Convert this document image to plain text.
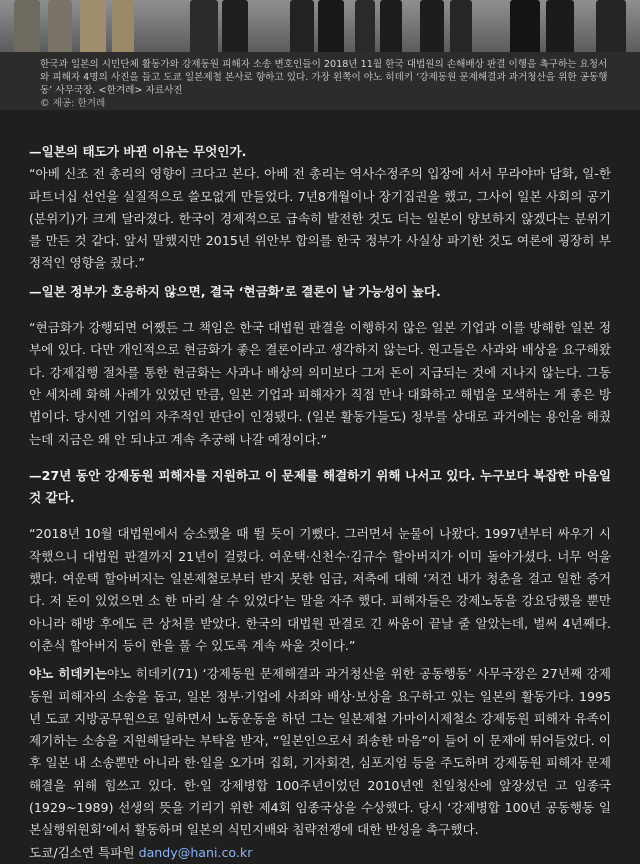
한국과 일본의 시민단체 활동가와 강제동원 피해자 소송 변호인들이 2018년 11월 한국 대법원의 손해배상 판결 이행을 촉구하는 요청서와 피해자 4명의 사진을 들고 도쿄 일본제철 본사로 향하고 있다. 가장 왼쪽이 야노 히데키 ‘강제동원 문제해결과 과거청산을 위한 공동행동’ 사무국장. <한겨레> 자료사진
© 제공: 한겨레

—일본의 태도가 바뀐 이유는 무엇인가.

“아베 신조 전 총리의 영향이 크다고 본다. 아베 전 총리는 역사수정주의 입장에 서서 무라야마 담화, 일-한 파트너십 선언을 실질적으로 쓸모없게 만들었다. 7년8개월이나 장기집권을 했고, 그사이 일본 사회의 공기(분위기)가 크게 달라졌다. 한국이 경제적으로 급속히 발전한 것도 더는 일본이 양보하지 않겠다는 분위기를 만든 것 같다. 앞서 말했지만 2015년 위안부 합의를 한국 정부가 사실상 파기한 것도 여론에 굉장히 부정적인 영향을 줬다.”

—일본 정부가 호응하지 않으면, 결국 ‘현금화’로 결론이 날 가능성이 높다.

“현금화가 강행되면 어쨌든 그 책임은 한국 대법원 판결을 이행하지 않은 일본 기업과 이를 방해한 일본 정부에 있다. 다만 개인적으로 현금화가 좋은 결론이라고 생각하지 않는다. 원고들은 사과와 배상을 요구해왔다. 강제집행 절차를 통한 현금화는 사과나 배상의 의미보다 그저 돈이 지급되는 것에 지나지 않는다. 그동안 세차례 화해 사례가 있었던 만큼, 일본 기업과 피해자가 직접 만나 대화하고 해법을 모색하는 게 좋은 방법이다. 당시엔 기업의 자주적인 판단이 인정됐다. (일본 활동가들도) 정부를 상대로 과거에는 용인을 해줬는데 지금은 왜 안 되냐고 계속 추궁해 나갈 예정이다.”

—27년 동안 강제동원 피해자를 지원하고 이 문제를 해결하기 위해 나서고 있다. 누구보다 복잡한 마음일 것 같다.

“2018년 10월 대법원에서 승소했을 때 뛸 듯이 기뻤다. 그러면서 눈물이 나왔다. 1997년부터 싸우기 시작했으니 대법원 판결까지 21년이 걸렸다. 여운택·신천수·김규수 할아버지가 이미 돌아가셨다. 너무 억울했다. 여운택 할아버지는 일본제철로부터 받지 못한 임금, 저축에 대해 ‘저건 내가 청춘을 걸고 일한 증거다. 저 돈이 있었으면 소 한 마리 살 수 있었다’는 말을 자주 했다. 피해자들은 강제노동을 강요당했을 뿐만 아니라 해방 후에도 큰 상처를 받았다. 한국의 대법원 판결로 긴 싸움이 끝날 줄 알았는데, 벌써 4년째다. 이춘식 할아버지 등이 한을 풀 수 있도록 계속 싸울 것이다.”

야노 히데키는야노 히데키(71) ‘강제동원 문제해결과 과거청산을 위한 공동행동’ 사무국장은 27년째 강제동원 피해자의 소송을 돕고, 일본 정부·기업에 사죄와 배상·보상을 요구하고 있는 일본의 활동가다. 1995년 도쿄 지방공무원으로 일하면서 노동운동을 하던 그는 일본제철 가마이시제철소 강제동원 피해자 유족이 제기하는 소송을 지원해달라는 부탁을 받자, “일본인으로서 죄송한 마음”이 들어 이 문제에 뛰어들었다. 이후 일본 내 소송뿐만 아니라 한·일을 오가며 집회, 기자회견, 심포지엄 등을 주도하며 강제동원 피해자 문제 해결을 위해 힘쓰고 있다. 한·일 강제병합 100주년이었던 2010년엔 친일청산에 앞장섰던 고 임종국(1929~1989) 선생의 뜻을 기리기 위한 제4회 임종국상을 수상했다. 당시 ‘강제병합 100년 공동행동 일본실행위원회’에서 활동하며 일본의 식민지배와 침략전쟁에 대한 반성을 촉구했다.

도쿄/김소연 특파원 dandy@hani.co.kr
